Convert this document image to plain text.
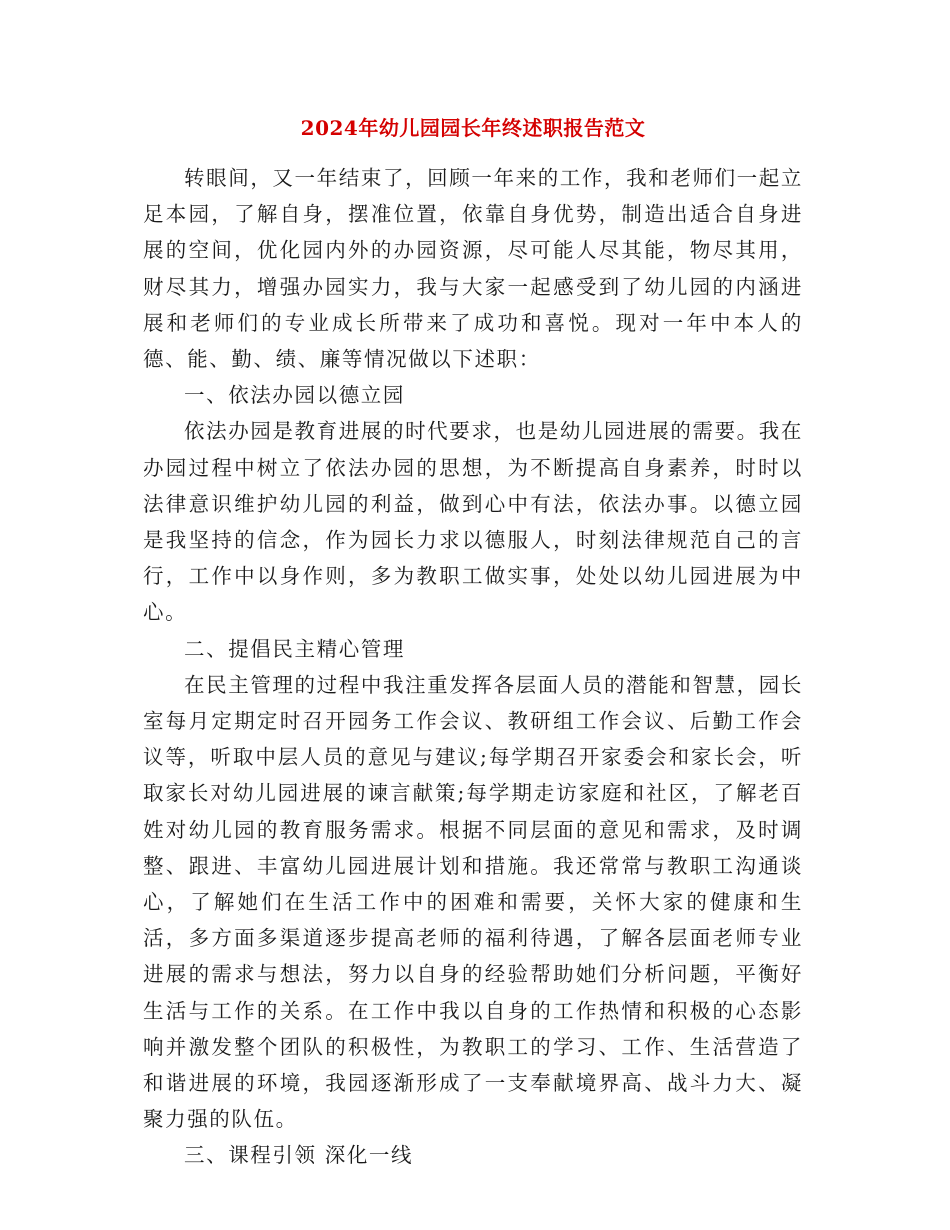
2024年幼儿园园长年终述职报告范文

转眼间，又一年结束了，回顾一年来的工作，我和老师们一起立足本园，了解自身，摆准位置，依靠自身优势，制造出适合自身进展的空间，优化园内外的办园资源，尽可能人尽其能，物尽其用，财尽其力，增强办园实力，我与大家一起感受到了幼儿园的内涵进展和老师们的专业成长所带来了成功和喜悦。现对一年中本人的德、能、勤、绩、廉等情况做以下述职：

一、依法办园以德立园

依法办园是教育进展的时代要求，也是幼儿园进展的需要。我在办园过程中树立了依法办园的思想，为不断提高自身素养，时时以法律意识维护幼儿园的利益，做到心中有法，依法办事。以德立园是我坚持的信念，作为园长力求以德服人，时刻法律规范自己的言行，工作中以身作则，多为教职工做实事，处处以幼儿园进展为中心。

二、提倡民主精心管理

在民主管理的过程中我注重发挥各层面人员的潜能和智慧，园长室每月定期定时召开园务工作会议、教研组工作会议、后勤工作会议等，听取中层人员的意见与建议;每学期召开家委会和家长会，听取家长对幼儿园进展的谏言献策;每学期走访家庭和社区，了解老百姓对幼儿园的教育服务需求。根据不同层面的意见和需求，及时调整、跟进、丰富幼儿园进展计划和措施。我还常常与教职工沟通谈心，了解她们在生活工作中的困难和需要，关怀大家的健康和生活，多方面多渠道逐步提高老师的福利待遇，了解各层面老师专业进展的需求与想法，努力以自身的经验帮助她们分析问题，平衡好生活与工作的关系。在工作中我以自身的工作热情和积极的心态影响并激发整个团队的积极性，为教职工的学习、工作、生活营造了和谐进展的环境，我园逐渐形成了一支奉献境界高、战斗力大、凝聚力强的队伍。

三、课程引领 深化一线
